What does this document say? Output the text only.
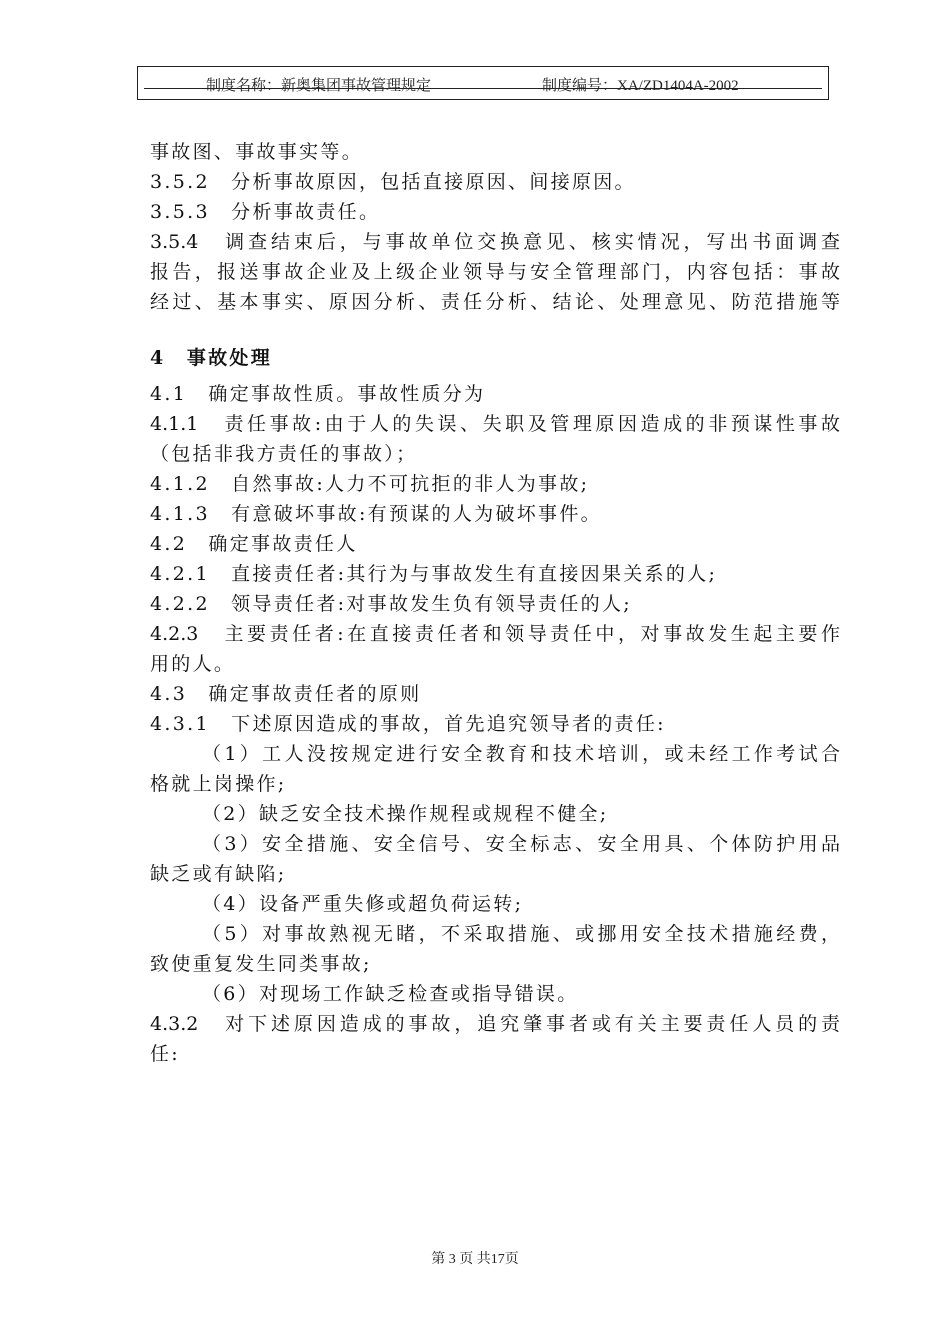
制度名称：新奥集团事故管理规定	制度编号：XA/ZD1404A-2002
事故图、事故事实等。
3.5.2　分析事故原因，包括直接原因、间接原因。
3.5.3　分析事故责任。
3.5.4　调查结束后，与事故单位交换意见、核实情况，写出书面调查
报告，报送事故企业及上级企业领导与安全管理部门，内容包括：事故
经过、基本事实、原因分析、责任分析、结论、处理意见、防范措施等
4　事故处理
4.1　确定事故性质。事故性质分为
4.1.1　责任事故:由于人的失误、失职及管理原因造成的非预谋性事故
（包括非我方责任的事故）；
4.1.2　自然事故:人力不可抗拒的非人为事故;
4.1.3　有意破坏事故:有预谋的人为破坏事件。
4.2　确定事故责任人
4.2.1　直接责任者:其行为与事故发生有直接因果关系的人;
4.2.2　领导责任者:对事故发生负有领导责任的人;
4.2.3　主要责任者:在直接责任者和领导责任中，对事故发生起主要作
用的人。
4.3　确定事故责任者的原则
4.3.1　下述原因造成的事故，首先追究领导者的责任:
（1）工人没按规定进行安全教育和技术培训，或未经工作考试合
格就上岗操作;
（2）缺乏安全技术操作规程或规程不健全;
（3）安全措施、安全信号、安全标志、安全用具、个体防护用品
缺乏或有缺陷;
（4）设备严重失修或超负荷运转;
（5）对事故熟视无睹，不采取措施、或挪用安全技术措施经费，
致使重复发生同类事故;
（6）对现场工作缺乏检查或指导错误。
4.3.2　对下述原因造成的事故，追究肇事者或有关主要责任人员的责
任:
第 3 页 共17页
